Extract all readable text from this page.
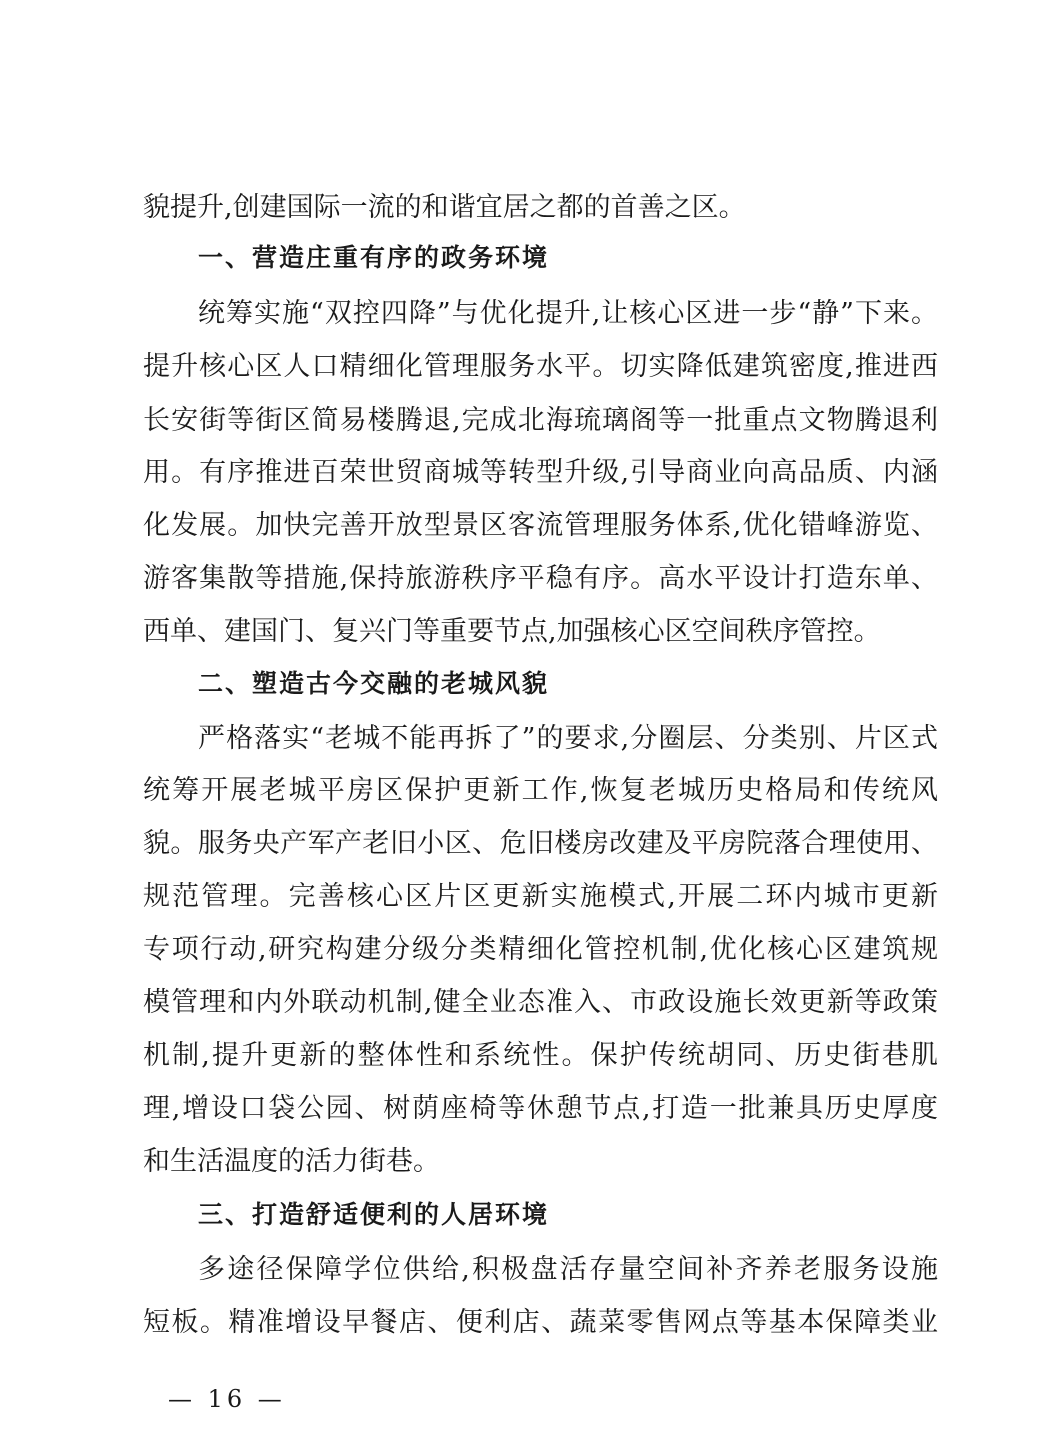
貌提升,创建国际一流的和谐宜居之都的首善之区。
一、营造庄重有序的政务环境
统筹实施“双控四降”与优化提升,让核心区进一步“静”下来。
提升核心区人口精细化管理服务水平。切实降低建筑密度,推进西
长安街等街区简易楼腾退,完成北海琉璃阁等一批重点文物腾退利
用。有序推进百荣世贸商城等转型升级,引导商业向高品质、内涵
化发展。加快完善开放型景区客流管理服务体系,优化错峰游览、
游客集散等措施,保持旅游秩序平稳有序。高水平设计打造东单、
西单、建国门、复兴门等重要节点,加强核心区空间秩序管控。
二、塑造古今交融的老城风貌
严格落实“老城不能再拆了”的要求,分圈层、分类别、片区式
统筹开展老城平房区保护更新工作,恢复老城历史格局和传统风
貌。服务央产军产老旧小区、危旧楼房改建及平房院落合理使用、
规范管理。完善核心区片区更新实施模式,开展二环内城市更新
专项行动,研究构建分级分类精细化管控机制,优化核心区建筑规
模管理和内外联动机制,健全业态准入、市政设施长效更新等政策
机制,提升更新的整体性和系统性。保护传统胡同、历史街巷肌
理,增设口袋公园、树荫座椅等休憩节点,打造一批兼具历史厚度
和生活温度的活力街巷。
三、打造舒适便利的人居环境
多途径保障学位供给,积极盘活存量空间补齐养老服务设施
短板。精准增设早餐店、便利店、蔬菜零售网点等基本保障类业
— 16 —
